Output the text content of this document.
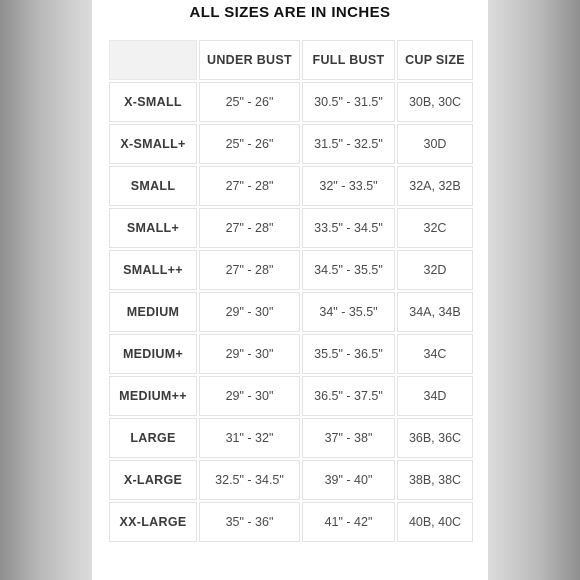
ALL SIZES ARE IN INCHES
	UNDER BUST	FULL BUST	CUP SIZE
X-SMALL	25" - 26"	30.5" - 31.5"	30B, 30C
X-SMALL+	25" - 26"	31.5" - 32.5"	30D
SMALL	27" - 28"	32" - 33.5"	32A, 32B
SMALL+	27" - 28"	33.5" - 34.5"	32C
SMALL++	27" - 28"	34.5" - 35.5"	32D
MEDIUM	29" - 30"	34" - 35.5"	34A, 34B
MEDIUM+	29" - 30"	35.5" - 36.5"	34C
MEDIUM++	29" - 30"	36.5" - 37.5"	34D
LARGE	31" - 32"	37" - 38"	36B, 36C
X-LARGE	32.5" - 34.5"	39" - 40"	38B, 38C
XX-LARGE	35" - 36"	41" - 42"	40B, 40C
